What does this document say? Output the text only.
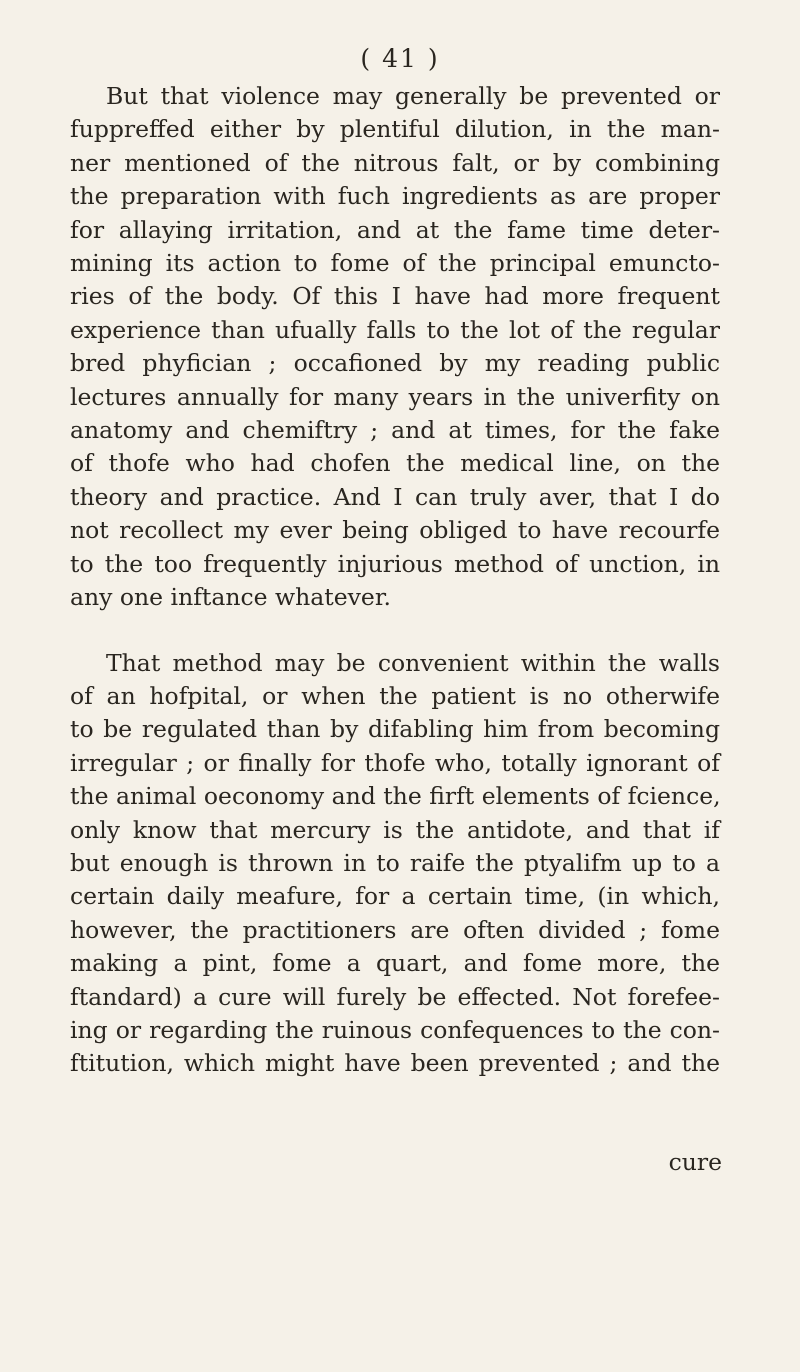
( 41 )

But that violence may generally be prevented or
fuppreffed either by plentiful dilution, in the man-
ner mentioned of the nitrous falt, or by combining
the preparation with fuch ingredients as are proper
for allaying irritation, and at the fame time deter-
mining its action to fome of the principal emuncto-
ries of the body. Of this I have had more frequent
experience than ufually falls to the lot of the regular
bred phyfician ; occafioned by my reading public
lectures annually for many years in the univerfity on
anatomy and chemiftry ; and at times, for the fake
of thofe who had chofen the medical line, on the
theory and practice. And I can truly aver, that I do
not recollect my ever being obliged to have recourfe
to the too frequently injurious method of unction, in
any one inftance whatever.

That method may be convenient within the walls
of an hofpital, or when the patient is no otherwife
to be regulated than by difabling him from becoming
irregular ; or finally for thofe who, totally ignorant of
the animal oeconomy and the firft elements of fcience,
only know that mercury is the antidote, and that if
but enough is thrown in to raife the ptyalifm up to a
certain daily meafure, for a certain time, (in which,
however, the practitioners are often divided ; fome
making a pint, fome a quart, and fome more, the
ftandard) a cure will furely be effected. Not forefee-
ing or regarding the ruinous confequences to the con-
ftitution, which might have been prevented ; and the

cure
